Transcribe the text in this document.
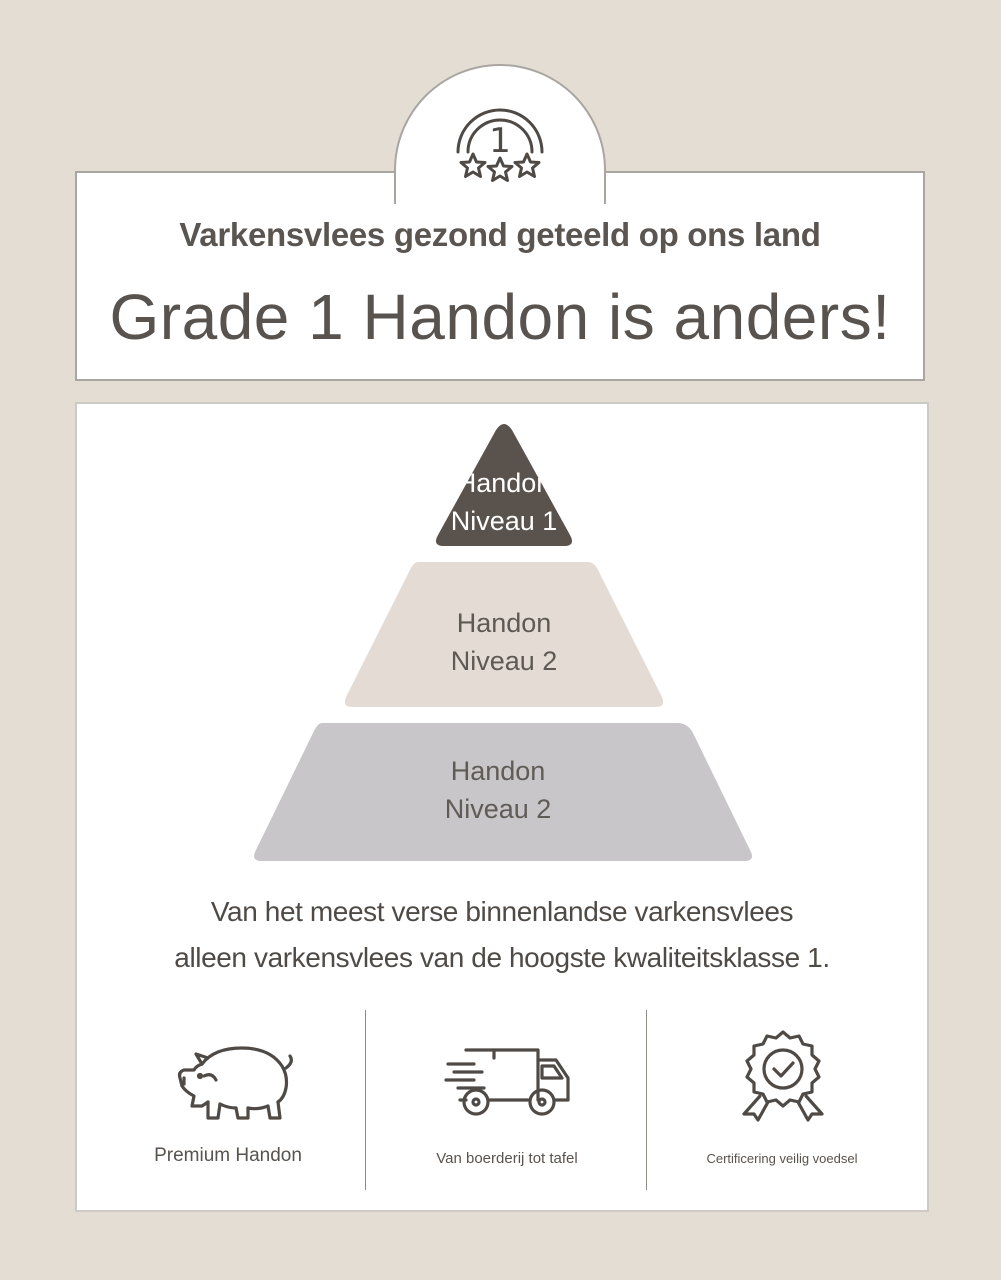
1
Varkensvlees gezond geteeld op ons land
Grade 1 Handon is anders!
Handon
Niveau 1
Handon
Niveau 2
Handon
Niveau 2
Van het meest verse binnenlandse varkensvlees
alleen varkensvlees van de hoogste kwaliteitsklasse 1.
Premium Handon	Van boerderij tot tafel	Certificering veilig voedsel
